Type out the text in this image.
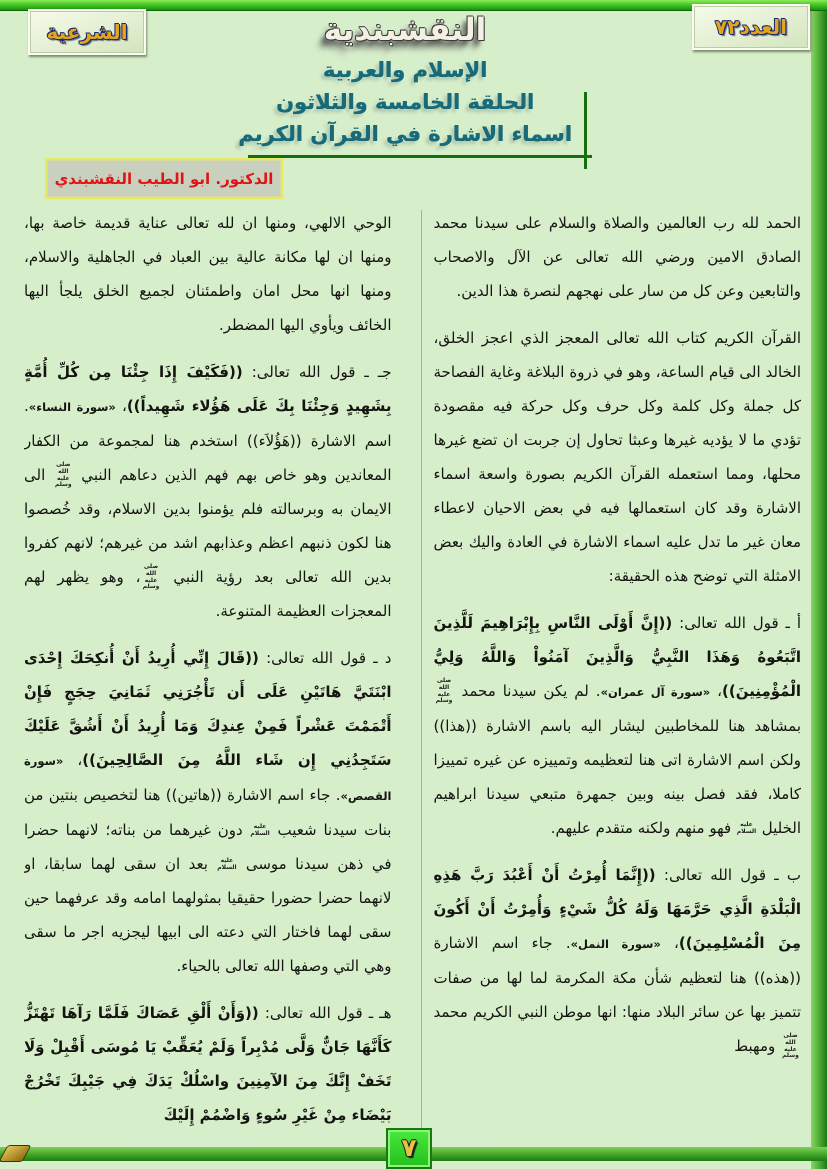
الشرعية	العدد٧٢
النقشبندية
الإسلام والعربية
الحلقة الخامسة والثلاثون
اسماء الاشارة في القرآن الكريم
الدكتور. ابو الطيب النقشبندي

الحمد لله رب العالمين والصلاة والسلام على سيدنا محمد الصادق الامين ورضي الله تعالى عن الآل والاصحاب والتابعين وعن كل من سار على نهجهم لنصرة هذا الدين.

القرآن الكريم كتاب الله تعالى المعجز الذي اعجز الخلق، الخالد الى قيام الساعة، وهو في ذروة البلاغة وغاية الفصاحة كل جملة وكل كلمة وكل حرف وكل حركة فيه مقصودة تؤدي ما لا يؤديه غيرها وعبثا تحاول إن جربت ان تضع غيرها محلها، ومما استعمله القرآن الكريم بصورة واسعة اسماء الاشارة وقد كان استعمالها فيه في بعض الاحيان لاعطاء معان غير ما تدل عليه اسماء الاشارة في العادة واليك بعض الامثلة التي توضح هذه الحقيقة:

أ ـ قول الله تعالى: ((إِنَّ أَوْلَى النَّاسِ بِإِبْرَاهِيمَ لَلَّذِينَ اتَّبَعُوهُ وَهَذَا النَّبِيُّ وَالَّذِينَ آمَنُواْ وَاللَّهُ وَلِيُّ الْمُؤْمِنِينَ))، «سورة آل عمران». لم يكن سيدنا محمد صلى الله عليه وسلم بمشاهد هنا للمخاطبين ليشار اليه باسم الاشارة ((هذا)) ولكن اسم الاشارة اتى هنا لتعظيمه وتمييزه عن غيره تمييزا كاملا، فقد فصل بينه وبين جمهرة متبعي سيدنا ابراهيم الخليل عليه السلام فهو منهم ولكنه متقدم عليهم.

ب ـ قول الله تعالى: ((إِنَّمَا أُمِرْتُ أَنْ أَعْبُدَ رَبَّ هَذِهِ الْبَلْدَةِ الَّذِي حَرَّمَهَا وَلَهُ كُلُّ شَيْءٍ وَأُمِرْتُ أَنْ أَكُونَ مِنَ الْمُسْلِمِينَ))، «سورة النمل». جاء اسم الاشارة ((هذه)) هنا لتعظيم شأن مكة المكرمة لما لها من صفات تتميز بها عن سائر البلاد منها: انها موطن النبي الكريم محمد صلى الله عليه وسلم ومهبط

الوحي الالهي، ومنها ان لله تعالى عناية قديمة خاصة بها، ومنها ان لها مكانة عالية بين العباد في الجاهلية والاسلام، ومنها انها محل امان واطمئنان لجميع الخلق يلجأ اليها الخائف ويأوي اليها المضطر.

جـ ـ قول الله تعالى: ((فَكَيْفَ إِذَا جِئْنَا مِن كُلِّ أُمَّةٍ بِشَهِيدٍ وَجِئْنَا بِكَ عَلَى هَؤُلاء شَهِيداً))، «سورة النساء». اسم الاشارة ((هَؤُلاَء)) استخدم هنا لمجموعة من الكفار المعاندين وهو خاص بهم فهم الذين دعاهم النبي صلى الله عليه وسلم الى الايمان به وبرسالته فلم يؤمنوا بدين الاسلام، وقد خُصصوا هنا لكون ذنبهم اعظم وعذابهم اشد من غيرهم؛ لانهم كفروا بدين الله تعالى بعد رؤية النبي صلى الله عليه وسلم، وهو يظهر لهم المعجزات العظيمة المتنوعة.

د ـ قول الله تعالى: ((قَالَ إِنِّي أُرِيدُ أَنْ أُنكِحَكَ إِحْدَى ابْنَتَيَّ هَاتَيْنِ عَلَى أَن تَأْجُرَنِي ثَمَانِيَ حِجَجٍ فَإِنْ أَتْمَمْتَ عَشْراً فَمِنْ عِندِكَ وَمَا أُرِيدُ أَنْ أَشُقَّ عَلَيْكَ سَتَجِدُنِي إِن شَاء اللَّهُ مِنَ الصَّالِحِينَ))، «سورة القصص». جاء اسم الاشارة ((هاتين)) هنا لتخصيص بنتين من بنات سيدنا شعيب عليه السلام دون غيرهما من بناته؛ لانهما حضرا في ذهن سيدنا موسى عليه السلام بعد ان سقى لهما سابقا، او لانهما حضرا حضورا حقيقيا بمثولهما امامه وقد عرفهما حين سقى لهما فاختار التي دعته الى ابيها ليجزيه اجر ما سقى وهي التي وصفها الله تعالى بالحياء.

هـ ـ قول الله تعالى: ((وَأَنْ أَلْقِ عَصَاكَ فَلَمَّا رَآهَا تَهْتَزُّ كَأَنَّهَا جَانٌّ وَلَّى مُدْبِراً وَلَمْ يُعَقِّبْ يَا مُوسَى أَقْبِلْ وَلَا تَخَفْ إِنَّكَ مِنَ الآمِنِينَ واسْلُكْ يَدَكَ فِي جَيْبِكَ تَخْرُجْ بَيْضَاء مِنْ غَيْرِ سُوءٍ وَاضْمُمْ إِلَيْكَ

٧
